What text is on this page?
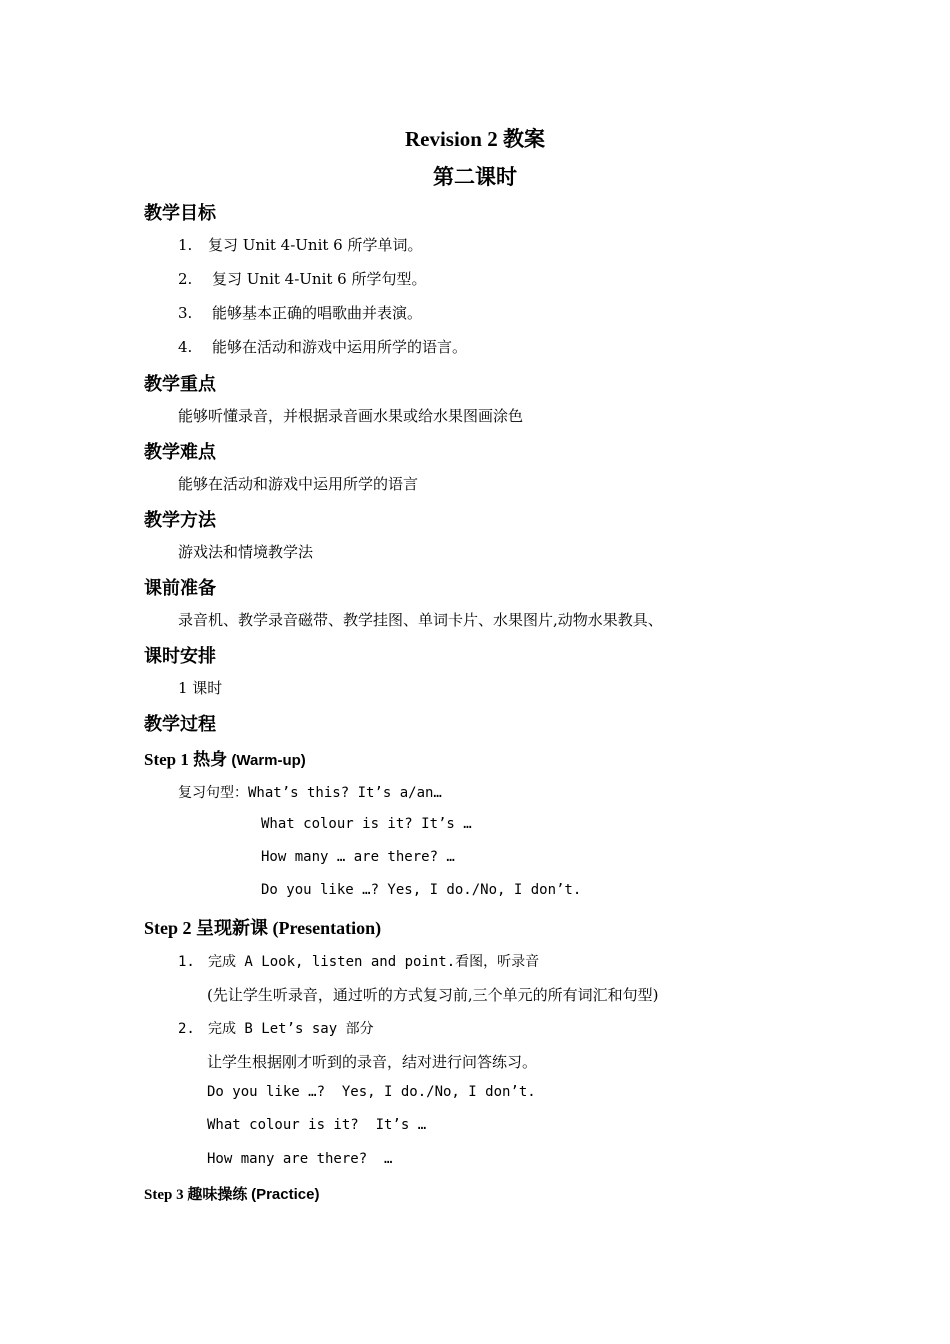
Revision 2 教案
第二课时
教学目标
1. 复习 Unit 4-Unit 6 所学单词。
2. 复习 Unit 4-Unit 6 所学句型。
3. 能够基本正确的唱歌曲并表演。
4. 能够在活动和游戏中运用所学的语言。
教学重点
能够听懂录音，并根据录音画水果或给水果图画涂色
教学难点
能够在活动和游戏中运用所学的语言
教学方法
游戏法和情境教学法
课前准备
录音机、教学录音磁带、教学挂图、单词卡片、水果图片,动物水果教具、
课时安排
1 课时
教学过程
Step 1 热身 (Warm-up)
复习句型：What’s this? It’s a/an…
What colour is it? It’s …
How many … are there? …
Do you like …? Yes, I do./No, I don’t.
Step 2 呈现新课 (Presentation)
1. 完成 A Look, listen and point.看图，听录音
(先让学生听录音，通过听的方式复习前,三个单元的所有词汇和句型)
2. 完成 B Let’s say 部分
让学生根据刚才听到的录音，结对进行问答练习。
Do you like …?  Yes, I do./No, I don’t.
What colour is it?  It’s …
How many are there?  …
Step 3 趣味操练 (Practice)
